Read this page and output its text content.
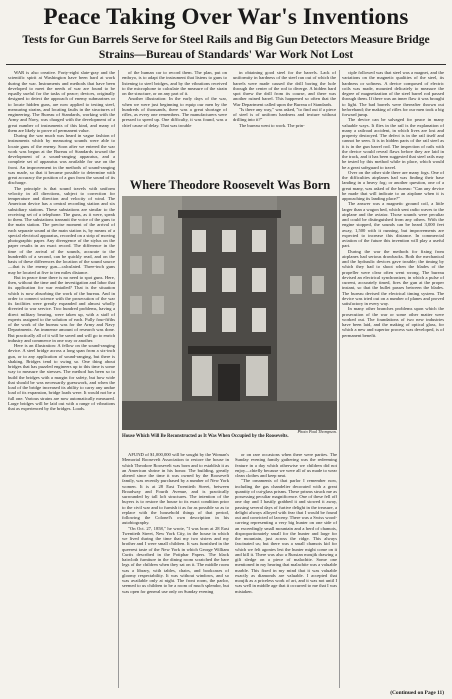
Peace Taking Over War's Inventions
Tests for Gun Barrels Serve for Steel Rails and Big Gun Detectors Measure Bridge Strains—Bureau of Standards' War Work Not Lost

WAR is also creative. Forty-eight slate-gray and the scientific spirit at Washington have been hard at work during the war. Instruments and methods that have been developed to meet the needs of war are found to be equally useful for the tasks of peace; devices, originally designed to detect the approach of enemy submarines or to locate hidden guns, are now applied to testing steel, measuring strains, and locating faults in the structures of engineering. The Bureau of Standards, working with the Army and Navy, was charged with the development of a great number of instruments of this kind, and many of them are likely to prove of permanent value.

During the war much was heard in vague fashion of instruments which by measuring sounds were able to locate guns of the enemy. Soon after we entered the war work was begun at the Bureau of Standards toward the development of a sound-ranging apparatus, and a complete set of apparatus was available for use on the front. An improvement in the methods of sound-ranging was made, so that it became possible to determine with great accuracy the position of a gun from the sound of its discharge.

The principle is that sound travels with uniform velocity in all directions, subject to correction for temperature and direction and velocity of wind. The American device has a central recording station and six subsidiary stations. These substations are similar to the receiving set of a telephone. The guns, as it were, speak to them. The substations transmit the voice of the guns to the main station. The precise moment of the arrival of each separate sound at the main station is, by means of a special electrical apparatus, recorded on a strip of moving photographic paper. Any divergence of the stylus on the paper results in an exact record. The difference in the time of the arrival of the sounds, accurate to the hundredth of a second, can be quickly read, and on the basis of these differences the location of the sound source—that is the enemy gun—calculated. Three-inch guns may be located at five to ten miles distance.

But in peace time there is no need to spot guns. Here, then, without the time and the investigation and labor that its application for war entailed? That is the situation which is now absorbing the work of the bureau. And in order to connect science with the prosecution of the war its facilities were greatly expanded and almost wholly diverted to war service. Two hundred problems, having a direct military bearing, were taken up, with a staff of experts assigned to the solution of each. Fully four-fifths of the work of the bureau was for the Army and Navy Departments. An immense amount of research was done. But practically all of it will be saved and will go to enrich industry and commerce in one way or another.

Here is an illustration: A fellow on the sound-ranging device. A steel bridge across a long span from a six-inch gun, or to any application of sound-ranging, but there is shaking. Bridges tend to swing so. One thing about bridges that has puzzled engineers up to this time is some way to measure the stresses. The method has been so to build the bridges with a margin for safety, but how wide that should be was necessarily guesswork, and when the load of the bridge increased its ability to carry any undue load of its expansion, bridge loads were. It would not be a full one. Various strains are now automatically measured. Large bridges will be laid out with a range of vibrations that as experienced by the bridges. Loads.

of the human car to record them. The plan, put on embryo, is to adapt the instrument that listens to guns to listening to steel bridges, and by the vibrations received to the microphone to calculate the measure of the strain on the structure, or on any part of it.

Another illustration: In the early days of the war, when we were just beginning to equip our men by the hundreds of thousands, there was a great shortage of rifles, as every one remembers. The manufacturers were pressed to speed up. One difficulty, it was found, was a chief cause of delay. That was trouble

in obtaining good steel for the barrels. Lack of uniformity in hardness of the steel ran out of which the barrels were made caused the drill boring the hole through the center of the rod to diverge. A hidden hard spot threw the drill from its course, and there was another ruined barrel. This happened so often that the War Department called upon the Bureau of Standards.

"Is there any way," was asked, "to find out if a piece of steel is of uniform hardness and texture without drilling into it?"

The bureau went to work. The prin-

ciple followed was that steel was a magnet, and the variations on the magnetic qualities of the steel, its hardness or softness. A device composed of electric coils was made, mounted delicately to measure the degree of magnetization of the steel barrel rod passed through them. If there was an inner flaw it was brought to light. The bad barrels were thereafter thrown out beforehand; the making of rifles for our men took a big forward jump.

The device can be salvaged for peace in many valuable ways. It flies in the rail is the explanation of many a railroad accident, in which lives are lost and property destroyed. The defect is in the rail itself and cannot be seen. It is in hidden parts of the rail steel as it is in the gun barrel rod. The inspection of rails with the device would reveal flaws before they are laid in the track, and it has been suggested that steel rails may be tested by this method while in place, which would be a great safeguard to travel.

Over on the other side there are many fogs. One of the difficulties airplanes had was finding their base landing in a heavy fog; or another question, one of a great many, was asked of the bureau: "Can any device be made that will indicate to an airplane when it is approaching its landing place?"

The answer was a magnetic ground coil, a little larger than a wagon bed, which sent radio waves to the airplane and the aviator. Those sounds were peculiar and could be distinguished from any others. With the engine stopped, the sounds can be heard 3,000 feet away, 1,500 with it running, but improvements are expected to increase this distance. In commercial aviation of the future this invention will play a useful part.

During the war the methods for fixing from airplanes had serious drawbacks. Both the mechanical and the hydraulic devices gave trouble; the timing by which they had to shoot when the blades of the propeller were clear often went wrong. The bureau devised an electrical synchronizer, in which a pulse of current, accurately timed, fires the gun at the proper instant, so that the bullet passes between the blades. The bureau devised the electrical timing system. The device was tried out on a number of planes and proved satisfactory in every way.

In many other branches problems upon which the prosecution of the war or some other matter were worked out. The foundations of two new industries have been laid, and the making of optical glass, for which a new and superior process was developed, is of permanent benefit.

Where Theodore Roosevelt Was Born
House Which Will Be Reconstructed as It Was When Occupied by the Roosevelts.
Photo Paul Thompson.

AFUND of $1,000,000 will be sought by the Woman's Memorial Roosevelt Association to restore the house in which Theodore Roosevelt was born and to establish it as an American shrine in his honor. The building, greatly altered since the time it was owned by the Roosevelt family, was recently purchased by a number of New York women. It is at 28 East Twentieth Street, between Broadway and Fourth Avenue, and is practically surrounded by tall loft structures. The intention of the buyers is to restore the house to its exact condition prior to the civil war and to furnish it as far as possible so as to replace with the household things of that period, following the Colonel's own description in his autobiography.

"On Oct. 27, 1858," he wrote, "I was born at 28 East Twentieth Street, New York City, in the house in which we lived during the time that my two sisters and my brother and I were small children. It was furnished in the queerest taste of the New York in which George William Curtis described in the Potiphar Papers. The black haircloth furniture in the dining room scratched the bare legs of the children when they sat on it. The middle room was a library, with tables, chairs, and bookcases of gloomy respectability. It was without windows, and so was available only at night. The front room, the parlor, seemed to us children to be a room of much splendor, but was open for general use only on Sunday evening

or on rare occasions when there were parties. The Sunday evening family gathering was the redeeming feature in a day which otherwise we children did not enjoy—chiefly because we were all of us made to wear clean clothes and keep neat.

"The ornaments of that parlor I remember now, including the gas chandelier decorated with a great quantity of cut-glass prisms. These prisms struck me as possessing peculiar magnificence. One of these fell off one day and I hastily grabbed it and stowed it away, passing several days of furtive delight in the treasure, a delight always alloyed with fear that I would be found out and convicted of larceny. There was a Swiss wood-carving representing a very big hunter on one side of an exceedingly small mountain and a herd of chamois, disproportionately small for the hunter and large for the mountain, just across the ridge. This always fascinated us; but there was a small chamois kid for which we felt agonies lest the hunter might come on it and kill it. There was also a Russian moujik drawing a gilt sledge on a piece of malachite. Some one mentioned in my hearing that malachite was a valuable marble. This fixed in my mind that it was valuable exactly as diamonds are valuable. I accepted that moujik as a priceless work of art, and it was not until I was well in middle age that it occurred to me that I was mistaken.

(Continued on Page 11)
